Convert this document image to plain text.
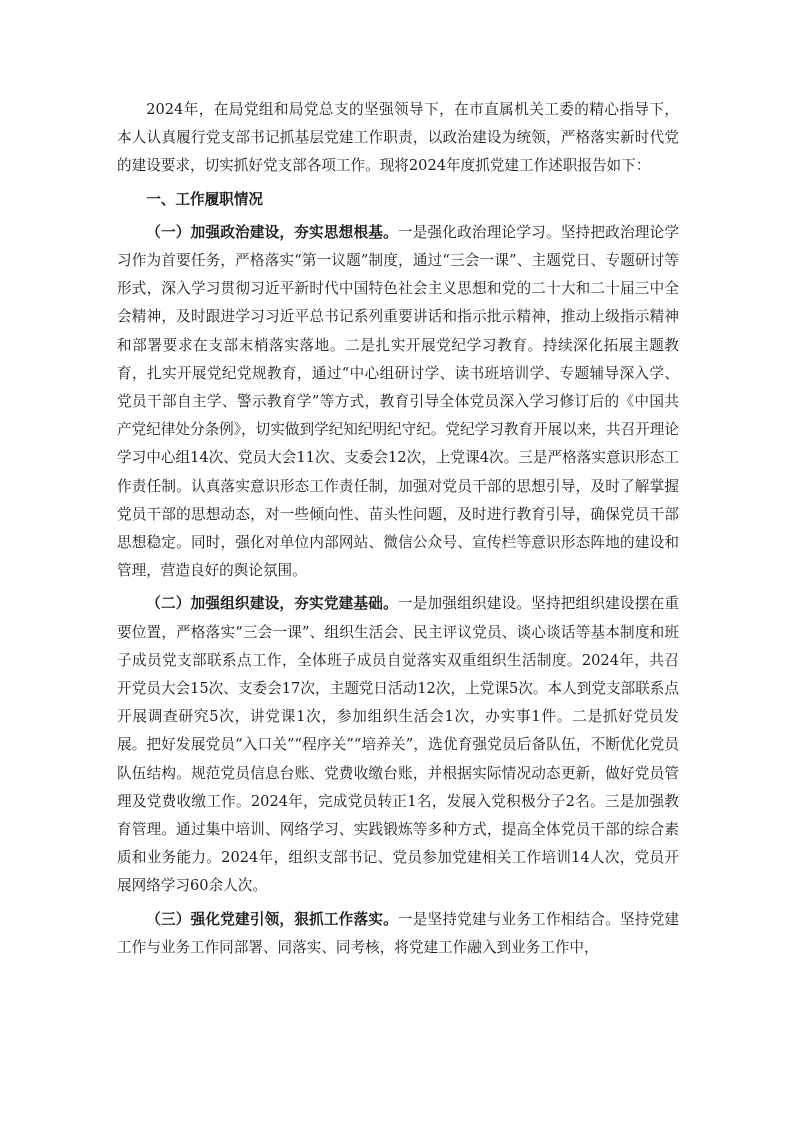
2024年，在局党组和局党总支的坚强领导下，在市直属机关工委的精心指导下，本人认真履行党支部书记抓基层党建工作职责，以政治建设为统领，严格落实新时代党的建设要求，切实抓好党支部各项工作。现将2024年度抓党建工作述职报告如下：

一、工作履职情况

（一）加强政治建设，夯实思想根基。一是强化政治理论学习。坚持把政治理论学习作为首要任务，严格落实“第一议题”制度，通过“三会一课”、主题党日、专题研讨等形式，深入学习贯彻习近平新时代中国特色社会主义思想和党的二十大和二十届三中全会精神，及时跟进学习习近平总书记系列重要讲话和指示批示精神，推动上级指示精神和部署要求在支部末梢落实落地。二是扎实开展党纪学习教育。持续深化拓展主题教育，扎实开展党纪党规教育，通过“中心组研讨学、读书班培训学、专题辅导深入学、党员干部自主学、警示教育学”等方式，教育引导全体党员深入学习修订后的《中国共产党纪律处分条例》，切实做到学纪知纪明纪守纪。党纪学习教育开展以来，共召开理论学习中心组14次、党员大会11次、支委会12次，上党课4次。三是严格落实意识形态工作责任制。认真落实意识形态工作责任制，加强对党员干部的思想引导，及时了解掌握党员干部的思想动态，对一些倾向性、苗头性问题，及时进行教育引导，确保党员干部思想稳定。同时，强化对单位内部网站、微信公众号、宣传栏等意识形态阵地的建设和管理，营造良好的舆论氛围。

（二）加强组织建设，夯实党建基础。一是加强组织建设。坚持把组织建设摆在重要位置，严格落实“三会一课”、组织生活会、民主评议党员、谈心谈话等基本制度和班子成员党支部联系点工作，全体班子成员自觉落实双重组织生活制度。2024年，共召开党员大会15次、支委会17次，主题党日活动12次，上党课5次。本人到党支部联系点开展调查研究5次，讲党课1次，参加组织生活会1次，办实事1件。二是抓好党员发展。把好发展党员“入口关”“程序关”“培养关”，选优育强党员后备队伍，不断优化党员队伍结构。规范党员信息台账、党费收缴台账，并根据实际情况动态更新，做好党员管理及党费收缴工作。2024年，完成党员转正1名，发展入党积极分子2名。三是加强教育管理。通过集中培训、网络学习、实践锻炼等多种方式，提高全体党员干部的综合素质和业务能力。2024年，组织支部书记、党员参加党建相关工作培训14人次，党员开展网络学习60余人次。

（三）强化党建引领，狠抓工作落实。一是坚持党建与业务工作相结合。坚持党建工作与业务工作同部署、同落实、同考核，将党建工作融入到业务工作中，
